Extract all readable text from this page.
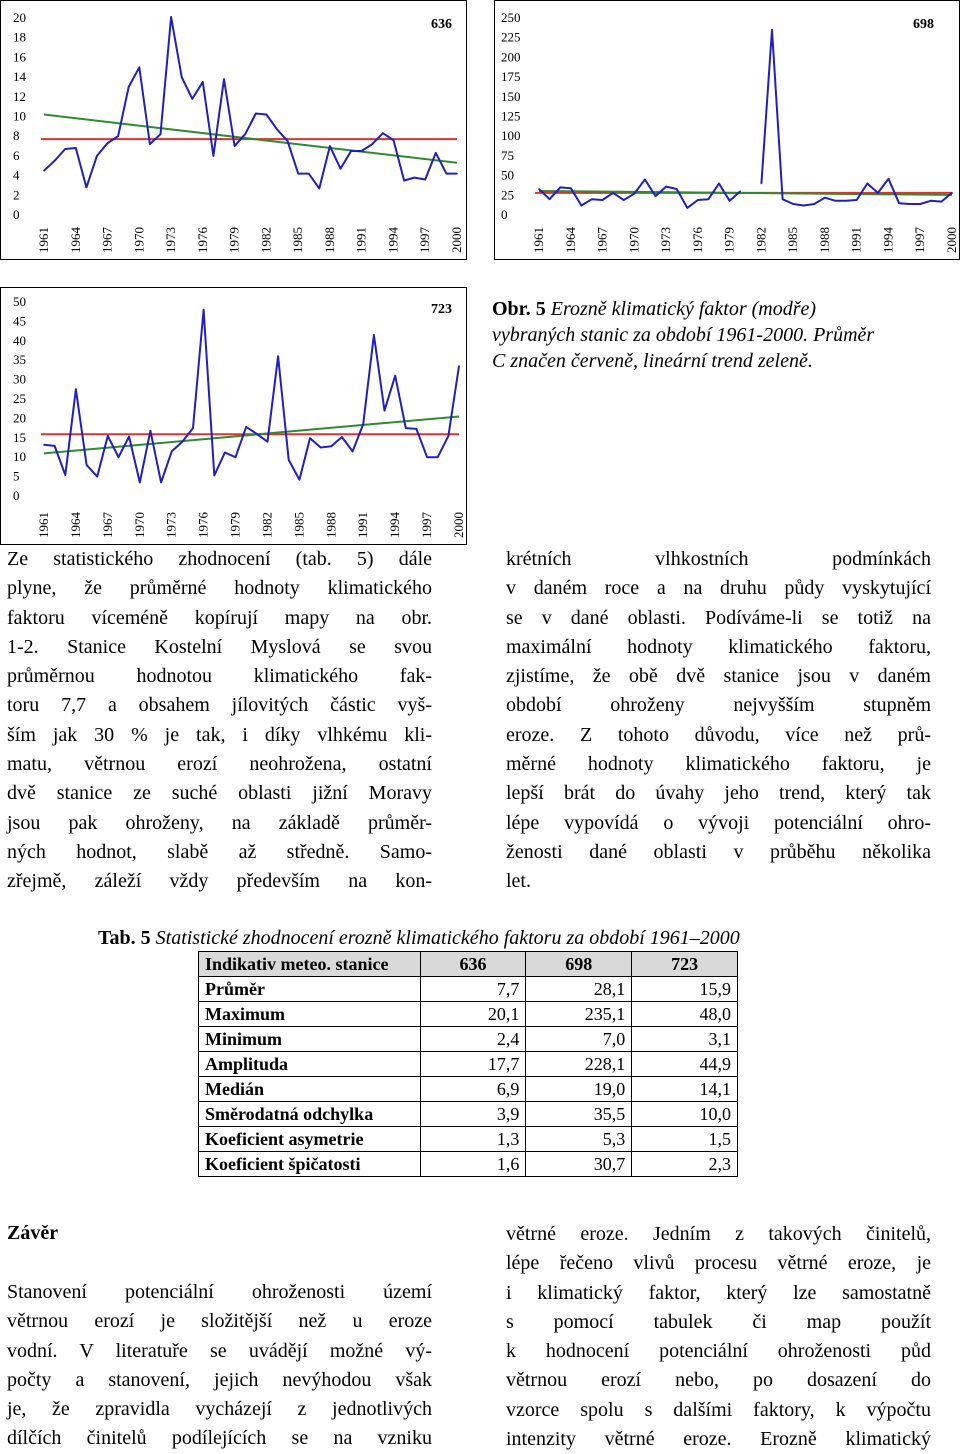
20
18
16
14
12
10
8
6
4
2
0
1961 1964 1967 1970 1973 1976 1979 1982 1985 1988 1991 1994 1997 2000
636	250
225
200
175
150
125
100
75
50
25
0
1961 1964 1967 1970 1973 1976 1979 1982 1985 1988 1991 1994 1997 2000
698
50
45
40
35
30
25
20
15
10
5
0
1961 1964 1967 1970 1973 1976 1979 1982 1985 1988 1991 1994 1997 2000
723 Obr. 5 Erozně klimatický faktor (modře)
vybraných stanic za období 1961-2000. Průměr
C značen červeně, lineární trend zeleně.
Ze statistického zhodnocení (tab. 5) dále
plyne, že průměrné hodnoty klimatického
faktoru víceméně kopírují mapy na obr.
1-2. Stanice Kostelní Myslová se svou
průměrnou hodnotou klimatického fak-
toru 7,7 a obsahem jílovitých částic vyš-
ším jak 30 % je tak, i díky vlhkému kli-
matu, větrnou erozí neohrožena, ostatní
dvě stanice ze suché oblasti jižní Moravy
jsou pak ohroženy, na základě průměr-
ných hodnot, slabě až středně. Samo-
zřejmě, záleží vždy především na kon-
krétních vlhkostních podmínkách
v daném roce a na druhu půdy vyskytující
se v dané oblasti. Podíváme-li se totiž na
maximální hodnoty klimatického faktoru,
zjistíme, že obě dvě stanice jsou v daném
období ohroženy nejvyšším stupněm
eroze. Z tohoto důvodu, více než prů-
měrné hodnoty klimatického faktoru, je
lepší brát do úvahy jeho trend, který tak
lépe vypovídá o vývoji potenciální ohro-
ženosti dané oblasti v průběhu několika
let.
Tab. 5 Statistické zhodnocení erozně klimatického faktoru za období 1961–2000
Indikativ meteo. stanice	636	698	723
Průměr	7,7	28,1	15,9
Maximum	20,1	235,1	48,0
Minimum	2,4	7,0	3,1
Amplituda	17,7	228,1	44,9
Medián	6,9	19,0	14,1
Směrodatná odchylka	3,9	35,5	10,0
Koeficient asymetrie	1,3	5,3	1,5
Koeficient špičatosti	1,6	30,7	2,3
Závěr
Stanovení potenciální ohroženosti území
větrnou erozí je složitější než u eroze
vodní. V literatuře se uvádějí možné vý-
počty a stanovení, jejich nevýhodou však
je, že zpravidla vycházejí z jednotlivých
dílčích činitelů podílejících se na vzniku
větrné eroze. Jedním z takových činitelů,
lépe řečeno vlivů procesu větrné eroze, je
i klimatický faktor, který lze samostatně
s pomocí tabulek či map použít
k hodnocení potenciální ohroženosti půd
větrnou erozí nebo, po dosazení do
vzorce spolu s dalšími faktory, k výpočtu
intenzity větrné eroze. Erozně klimatický
